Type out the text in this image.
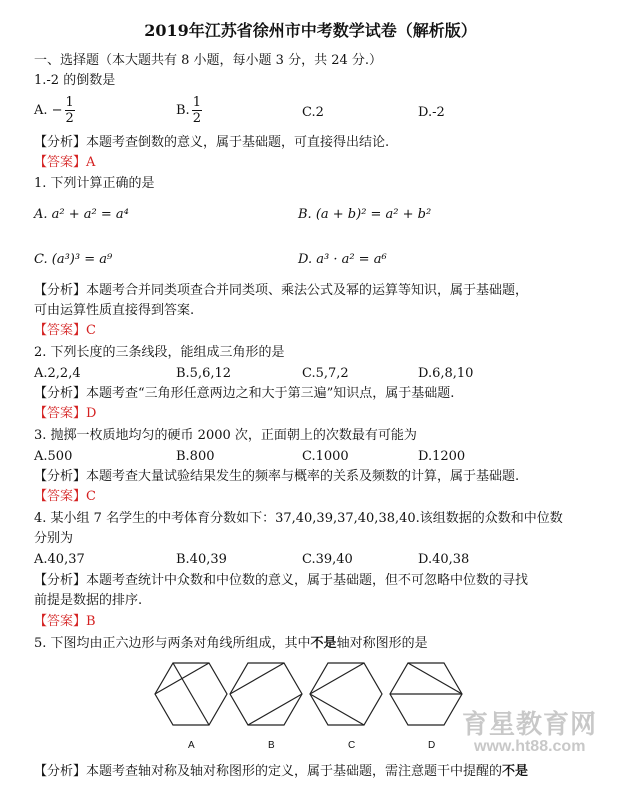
2019年江苏省徐州市中考数学试卷（解析版）
一、选择题（本大题共有 8 小题，每小题 3 分，共 24 分.）
1.-2 的倒数是
A. − $\frac{1}{2}$	B. $\frac{1}{2}$	C.2	D.-2
【分析】本题考查倒数的意义，属于基础题，可直接得出结论.
【答案】A
1. 下列计算正确的是
A. a² + a² = a⁴	B. (a + b)² = a² + b²
C. (a³)³ = a⁹	D. a³ · a² = a⁶
【分析】本题考合并同类项查合并同类项、乘法公式及幂的运算等知识，属于基础题，
可由运算性质直接得到答案.
【答案】C
2. 下列长度的三条线段，能组成三角形的是
A.2,2,4	B.5,6,12	C.5,7,2	D.6,8,10
【分析】本题考查“三角形任意两边之和大于第三遍”知识点，属于基础题.
【答案】D
3. 抛掷一枚质地均匀的硬币 2000 次，正面朝上的次数最有可能为
A.500	B.800	C.1000	D.1200
【分析】本题考查大量试验结果发生的频率与概率的关系及频数的计算，属于基础题.
【答案】C
4. 某小组 7 名学生的中考体育分数如下：37,40,39,37,40,38,40.该组数据的众数和中位数
分别为
A.40,37	B.40,39	C.39,40	D.40,38
【分析】本题考查统计中众数和中位数的意义，属于基础题，但不可忽略中位数的寻找
前提是数据的排序.
【答案】B
5. 下图均由正六边形与两条对角线所组成，其中不是轴对称图形的是
A	B	C	D
育星教育网
www.ht88.com
【分析】本题考查轴对称及轴对称图形的定义，属于基础题，需注意题干中提醒的不是
